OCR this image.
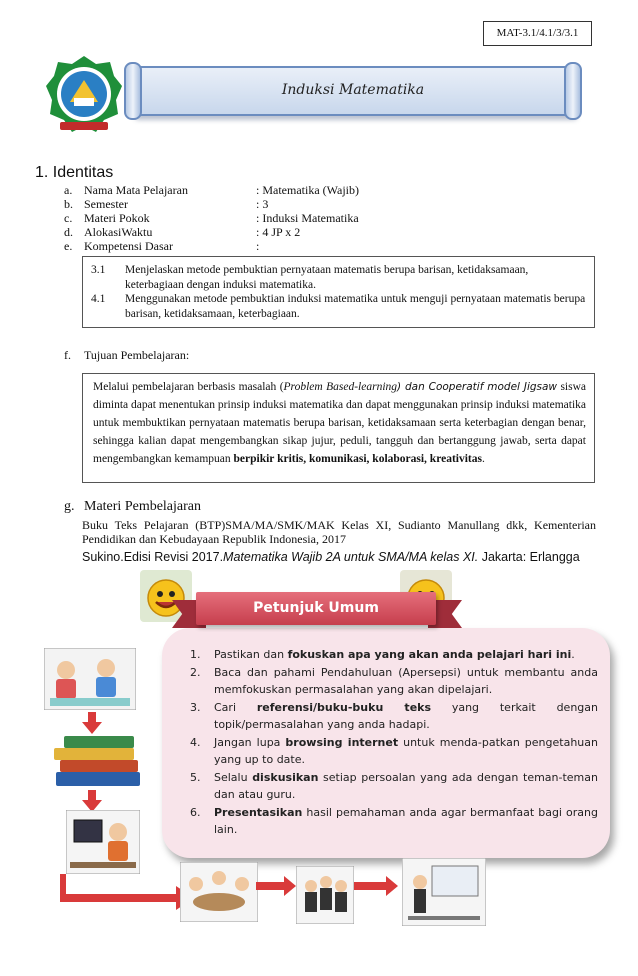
MAT-3.1/4.1/3/3.1
Induksi Matematika
1. Identitas
a. Nama Mata Pelajaran	: Matematika (Wajib)
b. Semester	: 3
c. Materi Pokok	: Induksi Matematika
d. AlokasiWaktu	: 4 JP x 2
e. Kompetensi Dasar	:
3.1 Menjelaskan metode pembuktian pernyataan matematis berupa barisan, ketidaksamaan, keterbagiaan dengan induksi matematika.
4.1 Menggunakan metode pembuktian induksi matematika untuk menguji pernyataan matematis berupa barisan, ketidaksamaan, keterbagiaan.
f. Tujuan Pembelajaran:
Melalui pembelajaran berbasis masalah (Problem Based-learning) dan Cooperatif model Jigsaw siswa diminta dapat menentukan prinsip induksi matematika dan dapat menggunakan prinsip induksi matematika untuk membuktikan pernyataan matematis berupa barisan, ketidaksamaan serta keterbagian dengan benar, sehingga kalian dapat mengembangkan sikap jujur, peduli, tangguh dan bertanggung jawab, serta dapat mengembangkan kemampuan berpikir kritis, komunikasi, kolaborasi, kreativitas.
g. Materi Pembelajaran
Buku Teks Pelajaran (BTP)SMA/MA/SMK/MAK Kelas XI, Sudianto Manullang dkk, Kementerian Pendidikan dan Kebudayaan Republik Indonesia, 2017
Sukino.Edisi Revisi 2017.Matematika Wajib 2A untuk SMA/MA kelas XI. Jakarta: Erlangga
Petunjuk Umum
1. Pastikan dan fokuskan apa yang akan anda pelajari hari ini.
2. Baca dan pahami Pendahuluan (Apersepsi) untuk membantu anda memfokuskan permasalahan yang akan dipelajari.
3. Cari referensi/buku-buku teks yang terkait dengan topik/permasalahan yang anda hadapi.
4. Jangan lupa browsing internet untuk menda-patkan pengetahuan yang up to date.
5. Selalu diskusikan setiap persoalan yang ada dengan teman-teman dan atau guru.
6. Presentasikan hasil pemahaman anda agar bermanfaat bagi orang lain.
